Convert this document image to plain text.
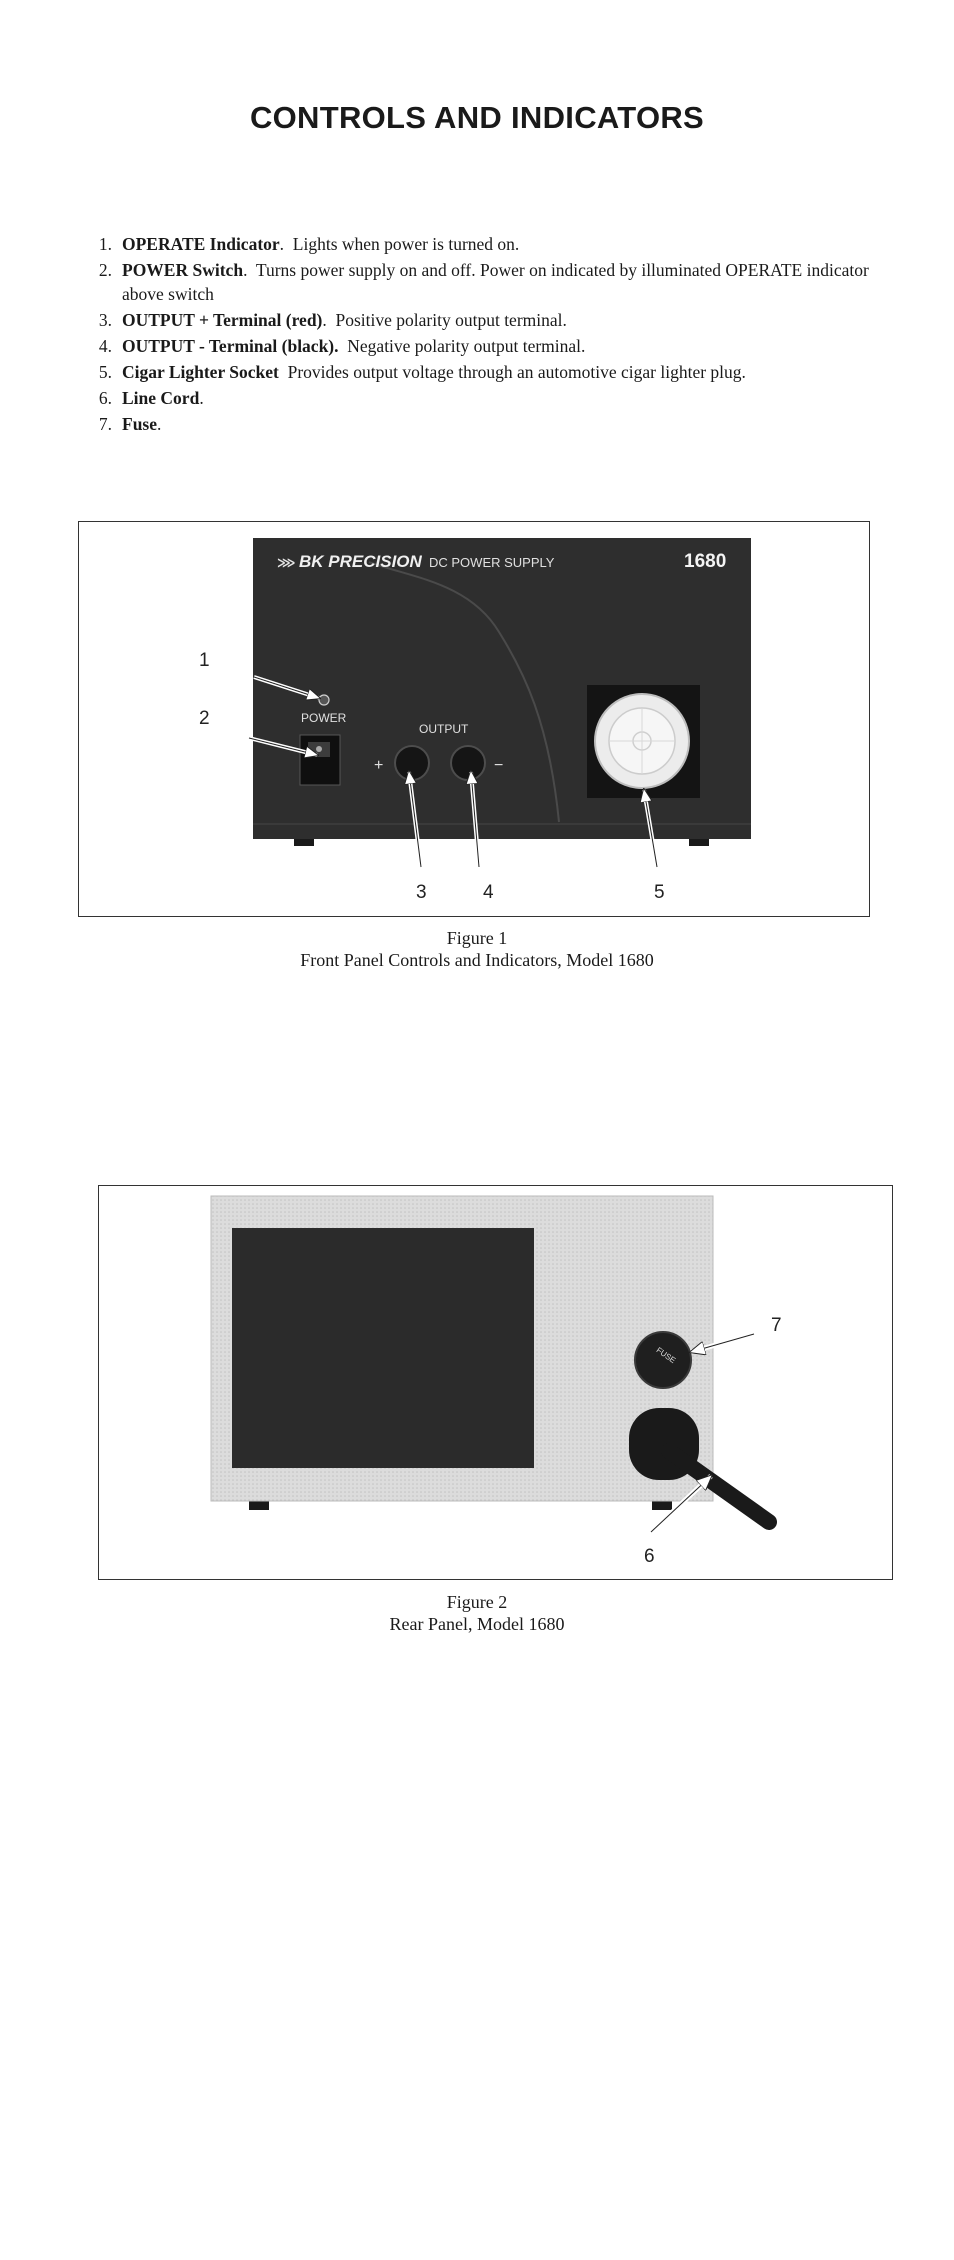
CONTROLS AND INDICATORS
1. OPERATE Indicator. Lights when power is turned on.
2. POWER Switch. Turns power supply on and off. Power on indicated by illuminated OPERATE indicator above switch
3. OUTPUT + Terminal (red). Positive polarity output terminal.
4. OUTPUT - Terminal (black). Negative polarity output terminal.
5. Cigar Lighter Socket Provides output voltage through an automotive cigar lighter plug.
6. Line Cord.
7. Fuse.
⋙ BK PRECISION DC POWER SUPPLY	1680
POWER
OUTPUT
+	−
1
2
3	4	5
Figure 1
Front Panel Controls and Indicators, Model 1680
FUSE
7
6
Figure 2
Rear Panel, Model 1680
